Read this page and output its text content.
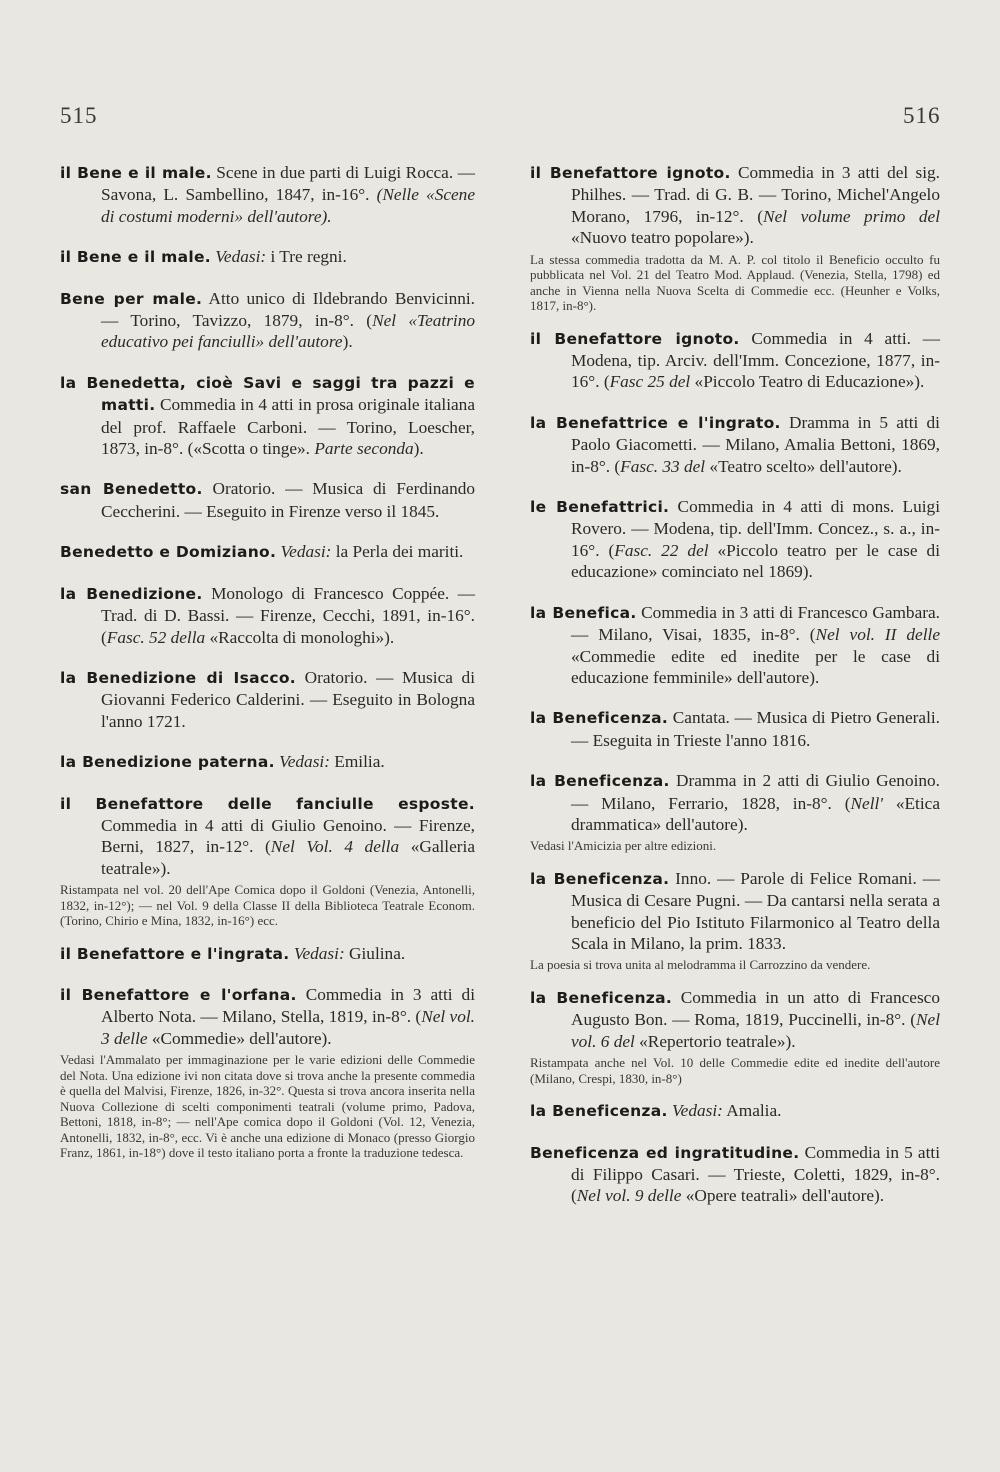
515	516
il Bene e il male. Scene in due parti di Luigi Rocca. — Savona, L. Sambellino, 1847, in-16°. (Nelle «Scene di costumi moderni» dell'autore).
il Bene e il male. Vedasi: i Tre regni.
Bene per male. Atto unico di Ildebrando Benvicinni. — Torino, Tavizzo, 1879, in-8°. (Nel «Teatrino educativo pei fanciulli» dell'autore).
la Benedetta, cioè Savi e saggi tra pazzi e matti. Commedia in 4 atti in prosa originale italiana del prof. Raffaele Carboni. — Torino, Loescher, 1873, in-8°. («Scotta o tinge». Parte seconda).
san Benedetto. Oratorio. — Musica di Ferdinando Ceccherini. — Eseguito in Firenze verso il 1845.
Benedetto e Domiziano. Vedasi: la Perla dei mariti.
la Benedizione. Monologo di Francesco Coppée. — Trad. di D. Bassi. — Firenze, Cecchi, 1891, in-16°. (Fasc. 52 della «Raccolta di monologhi»).
la Benedizione di Isacco. Oratorio. — Musica di Giovanni Federico Calderini. — Eseguito in Bologna l'anno 1721.
la Benedizione paterna. Vedasi: Emilia.
il Benefattore delle fanciulle esposte. Commedia in 4 atti di Giulio Genoino. — Firenze, Berni, 1827, in-12°. (Nel Vol. 4 della «Galleria teatrale»).
Ristampata nel vol. 20 dell'Ape Comica dopo il Goldoni (Venezia, Antonelli, 1832, in-12°); — nel Vol. 9 della Classe II della Biblioteca Teatrale Econom. (Torino, Chirio e Mina, 1832, in-16°) ecc.
il Benefattore e l'ingrata. Vedasi: Giulina.
il Benefattore e l'orfana. Commedia in 3 atti di Alberto Nota. — Milano, Stella, 1819, in-8°. (Nel vol. 3 delle «Commedie» dell'autore).
Vedasi l'Ammalato per immaginazione per le varie edizioni delle Commedie del Nota. Una edizione ivi non citata dove si trova anche la presente commedia è quella del Malvisi, Firenze, 1826, in-32°. Questa si trova ancora inserita nella Nuova Collezione di scelti componimenti teatrali (volume primo, Padova, Bettoni, 1818, in-8°; — nell'Ape comica dopo il Goldoni (Vol. 12, Venezia, Antonelli, 1832, in-8°, ecc. Vi è anche una edizione di Monaco (presso Giorgio Franz, 1861, in-18°) dove il testo italiano porta a fronte la traduzione tedesca.
il Benefattore ignoto. Commedia in 3 atti del sig. Philhes. — Trad. di G. B. — Torino, Michel'Angelo Morano, 1796, in-12°. (Nel volume primo del «Nuovo teatro popolare»).
La stessa commedia tradotta da M. A. P. col titolo il Beneficio occulto fu pubblicata nel Vol. 21 del Teatro Mod. Applaud. (Venezia, Stella, 1798) ed anche in Vienna nella Nuova Scelta di Commedie ecc. (Heunher e Volks, 1817, in-8°).
il Benefattore ignoto. Commedia in 4 atti. — Modena, tip. Arciv. dell'Imm. Concezione, 1877, in-16°. (Fasc 25 del «Piccolo Teatro di Educazione»).
la Benefattrice e l'ingrato. Dramma in 5 atti di Paolo Giacometti. — Milano, Amalia Bettoni, 1869, in-8°. (Fasc. 33 del «Teatro scelto» dell'autore).
le Benefattrici. Commedia in 4 atti di mons. Luigi Rovero. — Modena, tip. dell'Imm. Concez., s. a., in-16°. (Fasc. 22 del «Piccolo teatro per le case di educazione» cominciato nel 1869).
la Benefica. Commedia in 3 atti di Francesco Gambara. — Milano, Visai, 1835, in-8°. (Nel vol. II delle «Commedie edite ed inedite per le case di educazione femminile» dell'autore).
la Beneficenza. Cantata. — Musica di Pietro Generali. — Eseguita in Trieste l'anno 1816.
la Beneficenza. Dramma in 2 atti di Giulio Genoino. — Milano, Ferrario, 1828, in-8°. (Nell' «Etica drammatica» dell'autore).
Vedasi l'Amicizia per altre edizioni.
la Beneficenza. Inno. — Parole di Felice Romani. — Musica di Cesare Pugni. — Da cantarsi nella serata a beneficio del Pio Istituto Filarmonico al Teatro della Scala in Milano, la prim. 1833.
La poesia si trova unita al melodramma il Carrozzino da vendere.
la Beneficenza. Commedia in un atto di Francesco Augusto Bon. — Roma, 1819, Puccinelli, in-8°. (Nel vol. 6 del «Repertorio teatrale»).
Ristampata anche nel Vol. 10 delle Commedie edite ed inedite dell'autore (Milano, Crespi, 1830, in-8°)
la Beneficenza. Vedasi: Amalia.
Beneficenza ed ingratitudine. Commedia in 5 atti di Filippo Casari. — Trieste, Coletti, 1829, in-8°. (Nel vol. 9 delle «Opere teatrali» dell'autore).
